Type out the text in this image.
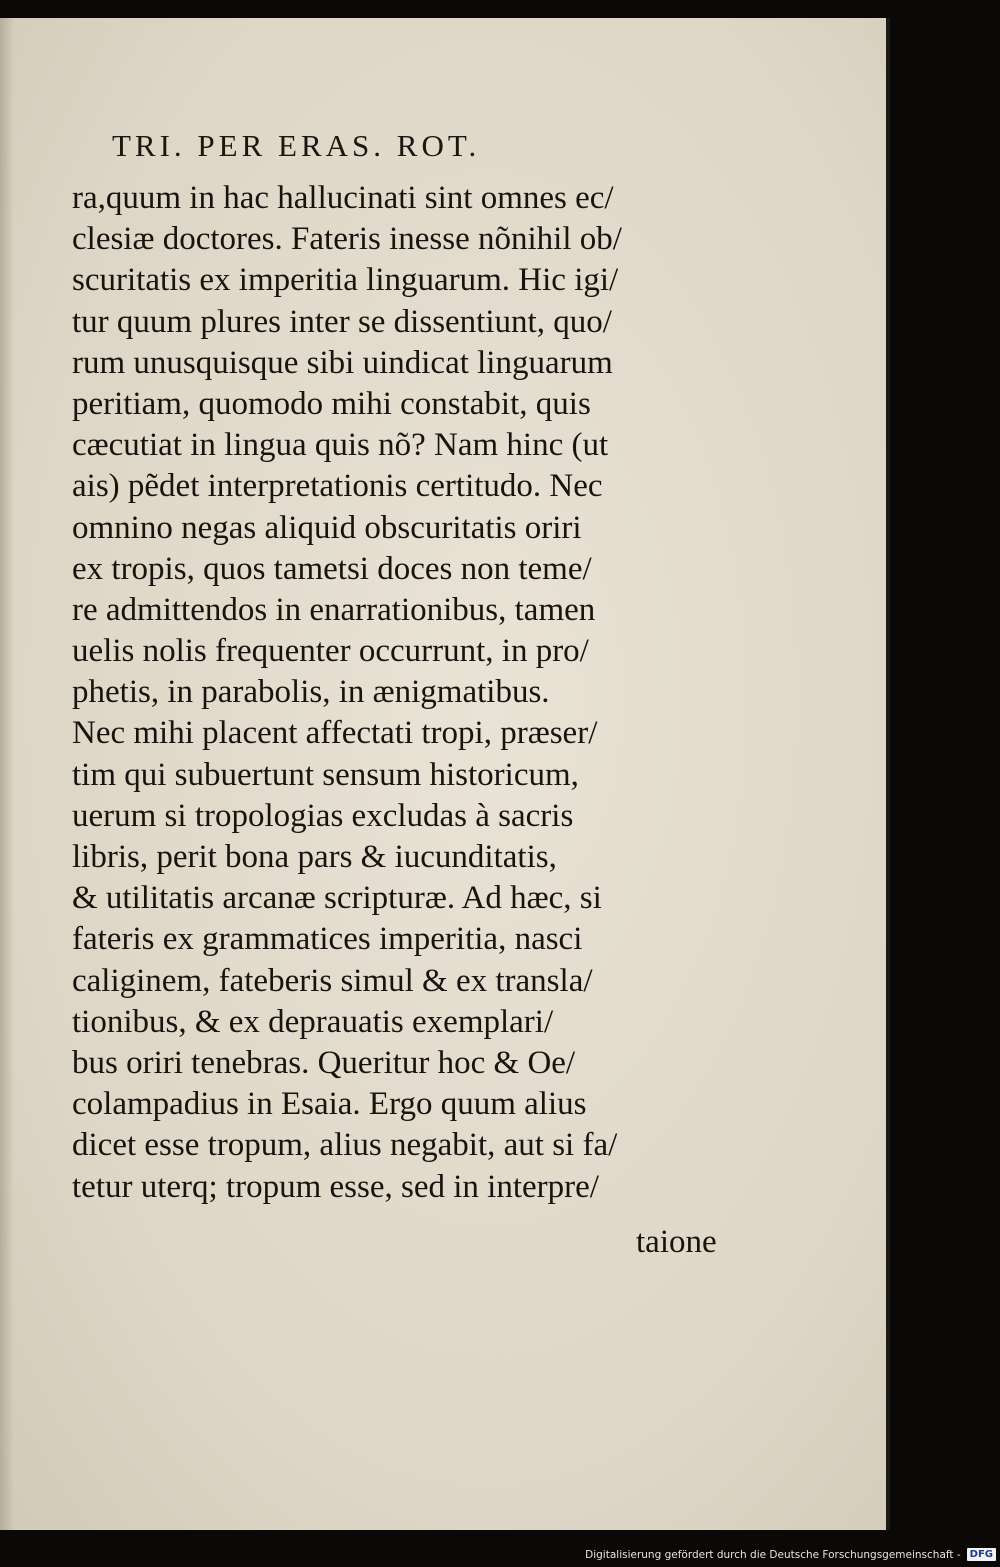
TRI. PER ERAS. ROT.
ra,quum in hac hallucinati sint omnes ec/
clesiæ doctores. Fateris inesse nõnihil ob/
scuritatis ex imperitia linguarum. Hic igi/
tur quum plures inter se dissentiunt, quo/
rum unusquisque sibi uindicat linguarum
peritiam, quomodo mihi constabit, quis
cæcutiat in lingua quis nõ? Nam hinc (ut
ais) pẽdet interpretationis certitudo. Nec
omnino negas aliquid obscuritatis oriri
ex tropis, quos tametsi doces non teme/
re admittendos in enarrationibus, tamen
uelis nolis frequenter occurrunt, in pro/
phetis, in parabolis, in ænigmatibus.
Nec mihi placent affectati tropi, præser/
tim qui subuertunt sensum historicum,
uerum si tropologias excludas à sacris
libris, perit bona pars & iucunditatis,
& utilitatis arcanæ scripturæ. Ad hæc, si
fateris ex grammatices imperitia, nasci
caliginem, fateberis simul & ex transla/
tionibus, & ex deprauatis exemplari/
bus oriri tenebras. Queritur hoc & Oe/
colampadius in Esaia. Ergo quum alius
dicet esse tropum, alius negabit, aut si fa/
tetur uterq; tropum esse, sed in interpre/
taione
Digitalisierung gefördert durch die Deutsche Forschungsgemeinschaft - DFG
